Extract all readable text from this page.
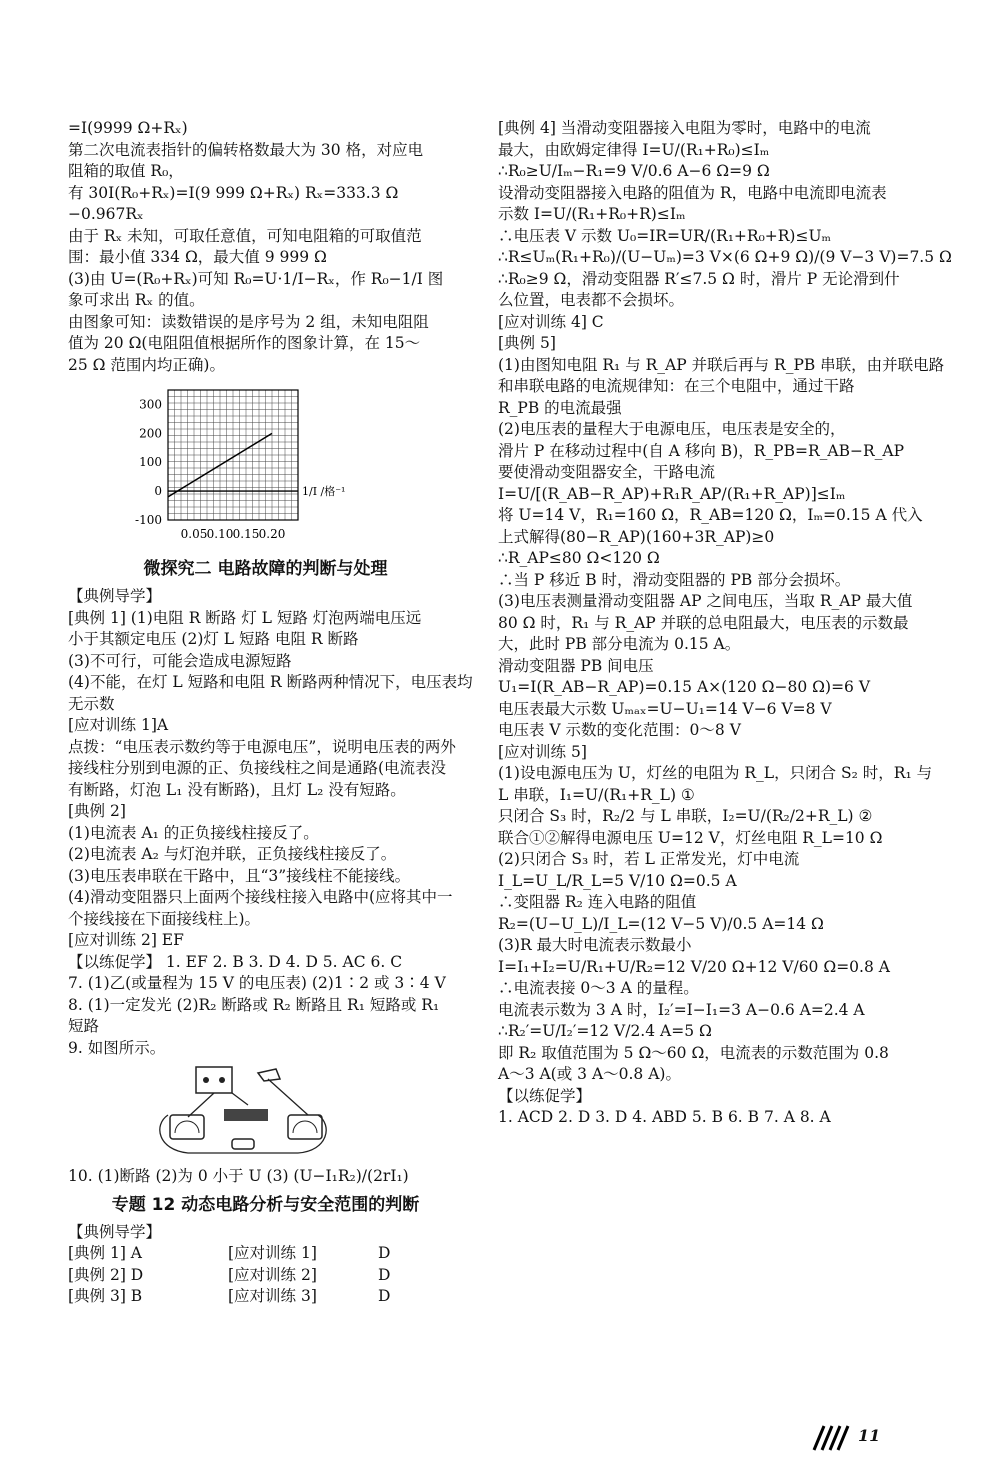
=I(9999 Ω+Rₓ)
第二次电流表指针的偏转格数最大为 30 格，对应电
阻箱的取值 R₀，
有 30I(R₀+Rₓ)=I(9 999 Ω+Rₓ) Rₓ=333.3 Ω
−0.967Rₓ
由于 Rₓ 未知，可取任意值，可知电阻箱的可取值范
围：最小值 334 Ω，最大值 9 999 Ω
(3)由 U=(R₀+Rₓ)可知 R₀=U·1/I−Rₓ，作 R₀−1/I 图
象可求出 Rₓ 的值。
由图象可知：读数错误的是序号为 2 组，未知电阻阻
值为 20 Ω(电阻阻值根据所作的图象计算，在 15～
25 Ω 范围内均正确)。
300
200
100
0
-100
0.05 0.10 0.15 0.20
1/I /格⁻¹
微探究二 电路故障的判断与处理
【典例导学】
[典例 1] (1)电阻 R 断路 灯 L 短路 灯泡两端电压远
小于其额定电压 (2)灯 L 短路 电阻 R 断路
(3)不可行，可能会造成电源短路
(4)不能，在灯 L 短路和电阻 R 断路两种情况下，电压表均
无示数
[应对训练 1]A
点拨：“电压表示数约等于电源电压”，说明电压表的两外
接线柱分别到电源的正、负接线柱之间是通路(电流表没
有断路，灯泡 L₁ 没有断路)，且灯 L₂ 没有短路。
[典例 2]
(1)电流表 A₁ 的正负接线柱接反了。
(2)电流表 A₂ 与灯泡并联，正负接线柱接反了。
(3)电压表串联在干路中，且“3”接线柱不能接线。
(4)滑动变阻器只上面两个接线柱接入电路中(应将其中一
个接线接在下面接线柱上)。
[应对训练 2] EF
【以练促学】 1. EF 2. B 3. D 4. D 5. AC 6. C
7. (1)乙(或量程为 15 V 的电压表) (2)1∶2 或 3∶4 V
8. (1)一定发光 (2)R₂ 断路或 R₂ 断路且 R₁ 短路或 R₁
短路
9. 如图所示。
10. (1)断路 (2)为 0 小于 U (3) (U−I₁R₂)/(2rI₁)
专题 12 动态电路分析与安全范围的判断
【典例导学】
[典例 1] A	[应对训练 1]	D
[典例 2] D	[应对训练 2]	D
[典例 3] B	[应对训练 3]	D
[典例 4] 当滑动变阻器接入电阻为零时，电路中的电流
最大，由欧姆定律得 I=U/(R₁+R₀)≤Iₘ
∴R₀≥U/Iₘ−R₁=9 V/0.6 A−6 Ω=9 Ω
设滑动变阻器接入电路的阻值为 R，电路中电流即电流表
示数 I=U/(R₁+R₀+R)≤Iₘ
∴电压表 V 示数 U₀=IR=UR/(R₁+R₀+R)≤Uₘ
∴R≤Uₘ(R₁+R₀)/(U−Uₘ)=3 V×(6 Ω+9 Ω)/(9 V−3 V)=7.5 Ω
∴R₀≥9 Ω，滑动变阻器 R′≤7.5 Ω 时，滑片 P 无论滑到什
么位置，电表都不会损坏。
[应对训练 4] C
[典例 5]
(1)由图知电阻 R₁ 与 R_AP 并联后再与 R_PB 串联，由并联电路
和串联电路的电流规律知：在三个电阻中，通过干路
R_PB 的电流最强
(2)电压表的量程大于电源电压，电压表是安全的，
滑片 P 在移动过程中(自 A 移向 B)，R_PB=R_AB−R_AP
要使滑动变阻器安全，干路电流
I=U/[(R_AB−R_AP)+R₁R_AP/(R₁+R_AP)]≤Iₘ
将 U=14 V，R₁=160 Ω，R_AB=120 Ω，Iₘ=0.15 A 代入
上式解得(80−R_AP)(160+3R_AP)≥0
∴R_AP≤80 Ω<120 Ω
∴当 P 移近 B 时，滑动变阻器的 PB 部分会损坏。
(3)电压表测量滑动变阻器 AP 之间电压，当取 R_AP 最大值
80 Ω 时，R₁ 与 R_AP 并联的总电阻最大，电压表的示数最
大，此时 PB 部分电流为 0.15 A。
滑动变阻器 PB 间电压
U₁=I(R_AB−R_AP)=0.15 A×(120 Ω−80 Ω)=6 V
电压表最大示数 Uₘₐₓ=U−U₁=14 V−6 V=8 V
电压表 V 示数的变化范围：0～8 V
[应对训练 5]
(1)设电源电压为 U，灯丝的电阻为 R_L，只闭合 S₂ 时，R₁ 与
L 串联，I₁=U/(R₁+R_L) ①
只闭合 S₃ 时，R₂/2 与 L 串联，I₂=U/(R₂/2+R_L) ②
联合①②解得电源电压 U=12 V，灯丝电阻 R_L=10 Ω
(2)只闭合 S₃ 时，若 L 正常发光，灯中电流
I_L=U_L/R_L=5 V/10 Ω=0.5 A
∴变阻器 R₂ 连入电路的阻值
R₂=(U−U_L)/I_L=(12 V−5 V)/0.5 A=14 Ω
(3)R 最大时电流表示数最小
I=I₁+I₂=U/R₁+U/R₂=12 V/20 Ω+12 V/60 Ω=0.8 A
∴电流表接 0～3 A 的量程。
电流表示数为 3 A 时，I₂′=I−I₁=3 A−0.6 A=2.4 A
∴R₂′=U/I₂′=12 V/2.4 A=5 Ω
即 R₂ 取值范围为 5 Ω～60 Ω，电流表的示数范围为 0.8
A～3 A(或 3 A～0.8 A)。
【以练促学】
1. ACD 2. D 3. D 4. ABD 5. B 6. B 7. A 8. A
11
